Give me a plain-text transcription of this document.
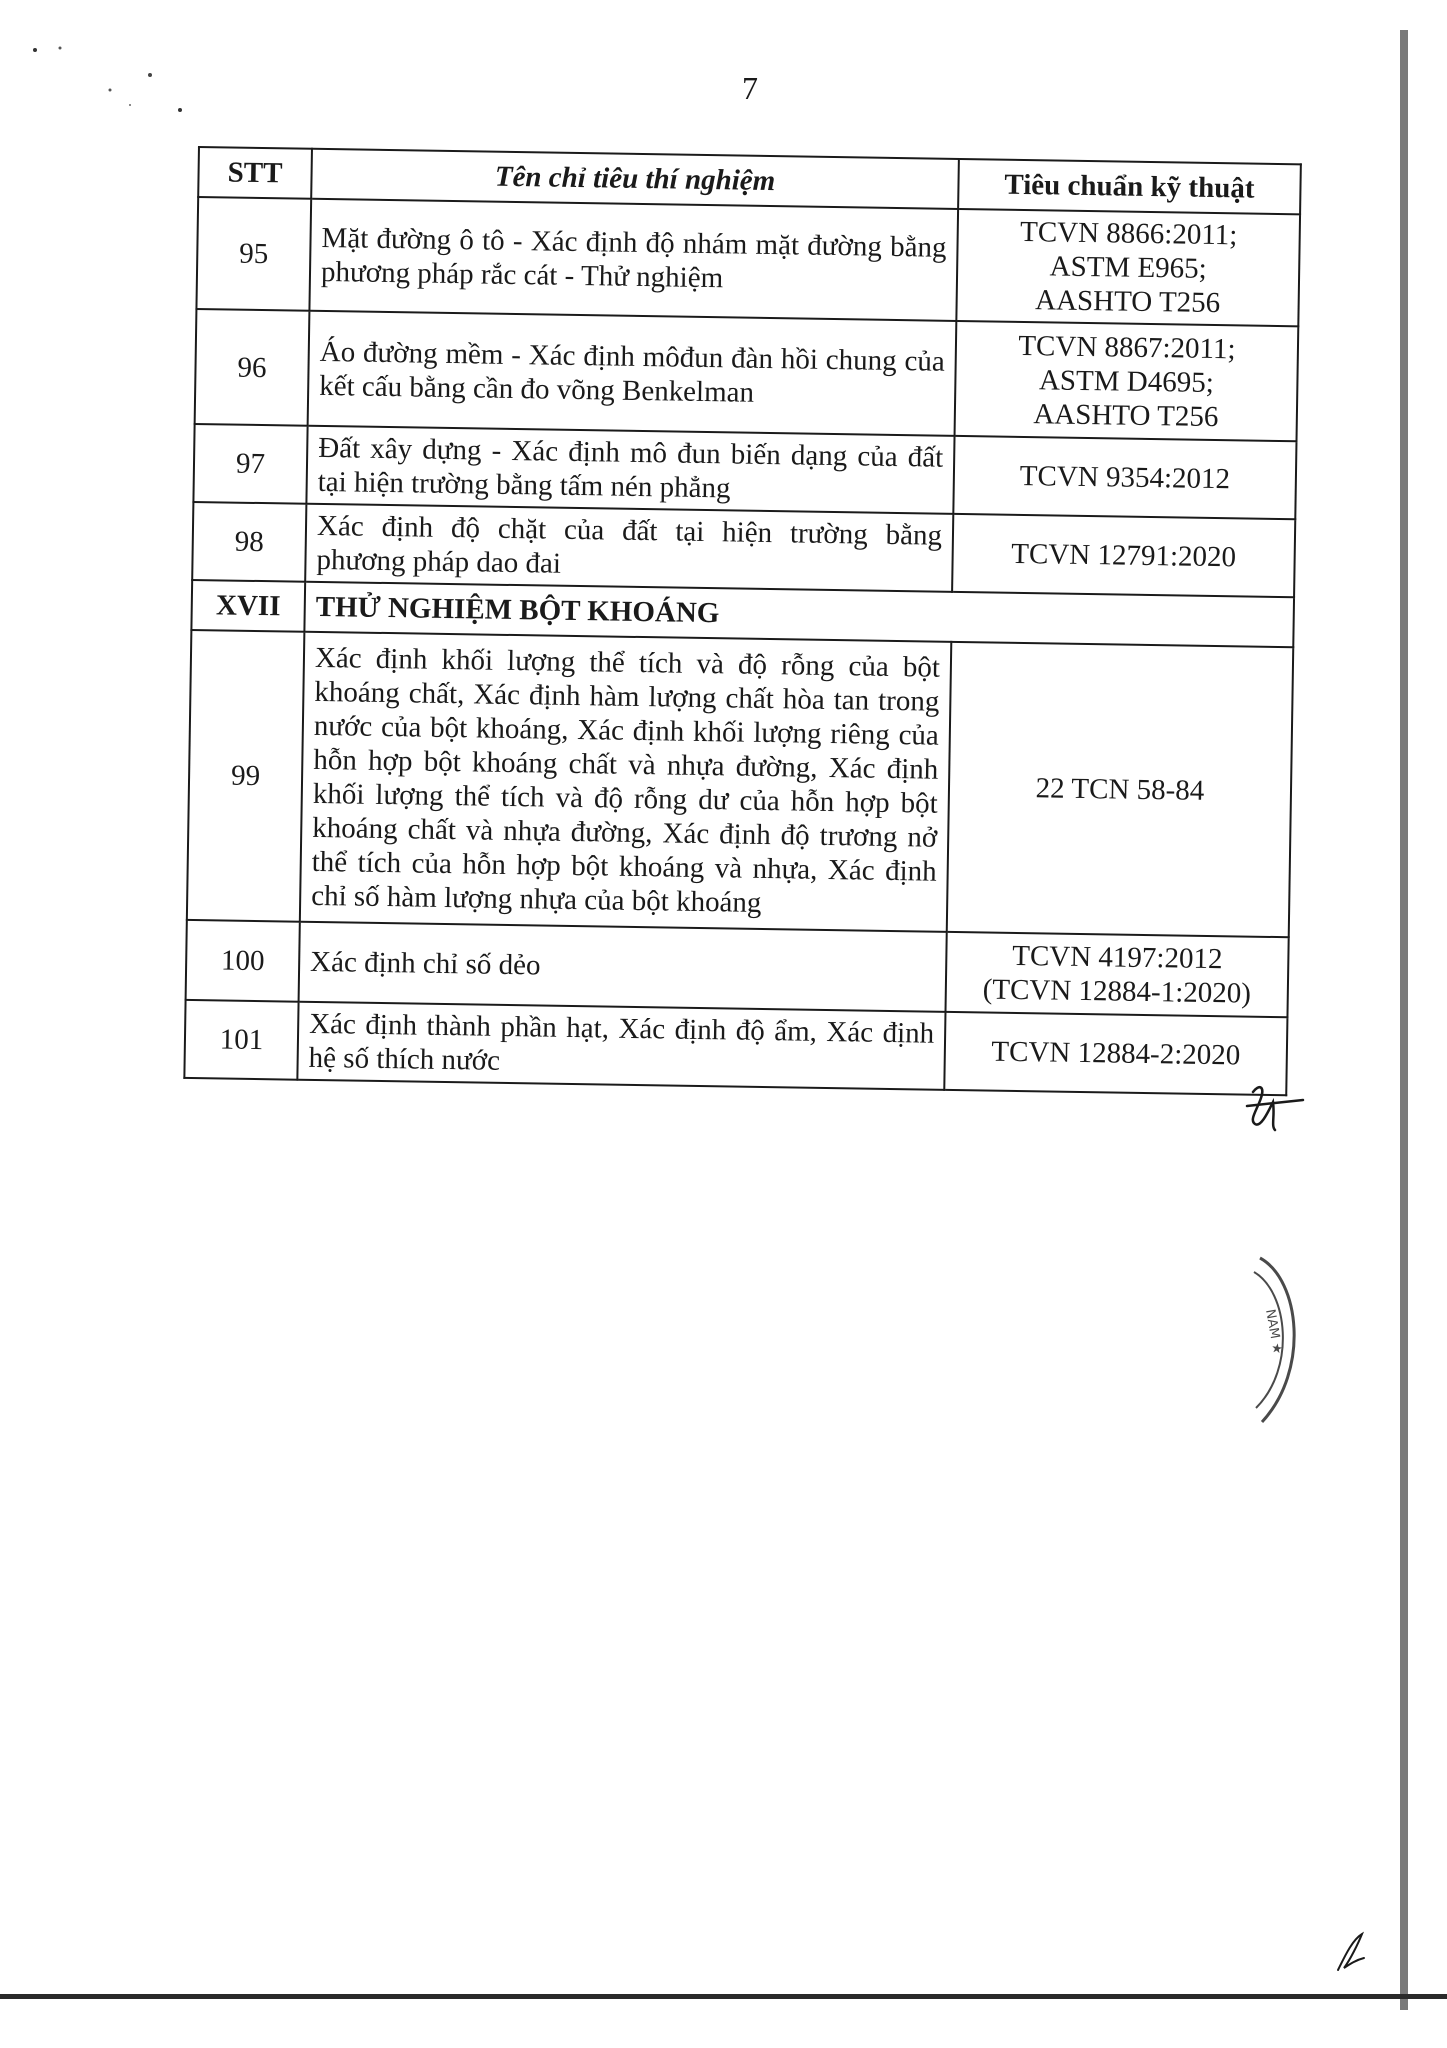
7
STT	Tên chỉ tiêu thí nghiệm	Tiêu chuẩn kỹ thuật
95	Mặt đường ô tô - Xác định độ nhám mặt đường bằng phương pháp rắc cát - Thử nghiệm	TCVN 8866:2011;
ASTM E965;
AASHTO T256

96	Áo đường mềm - Xác định môđun đàn hồi chung của kết cấu bằng cần đo võng Benkelman	TCVN 8867:2011;
ASTM D4695;
AASHTO T256

97	Đất xây dựng - Xác định mô đun biến dạng của đất tại hiện trường bằng tấm nén phẳng	TCVN 9354:2012

98	Xác định độ chặt của đất tại hiện trường bằng phương pháp dao đai	TCVN 12791:2020

XVII	THỬ NGHIỆM BỘT KHOÁNG	
99	Xác định khối lượng thể tích và độ rỗng của bột khoáng chất, Xác định hàm lượng chất hòa tan trong nước của bột khoáng, Xác định khối lượng riêng của hỗn hợp bột khoáng chất và nhựa đường, Xác định khối lượng thể tích và độ rỗng dư của hỗn hợp bột khoáng chất và nhựa đường, Xác định độ trương nở thể tích của hỗn hợp bột khoáng và nhựa, Xác định chỉ số hàm lượng nhựa của bột khoáng	22 TCN 58-84

100	Xác định chỉ số dẻo	TCVN 4197:2012
(TCVN 12884-1:2020)

101	Xác định thành phần hạt, Xác định độ ẩm, Xác định hệ số thích nước	TCVN 12884-2:2020
NAM ★
